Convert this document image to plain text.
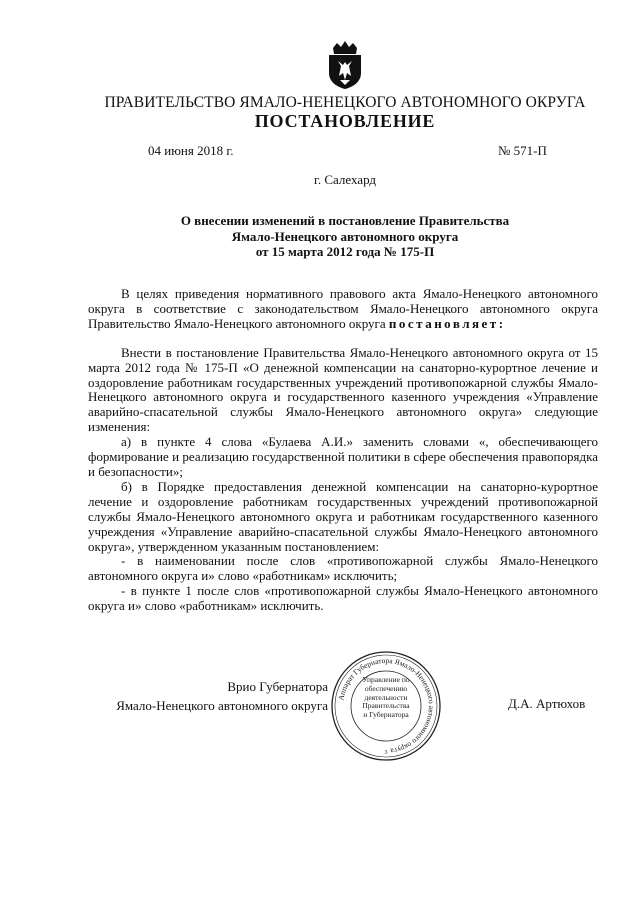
ПРАВИТЕЛЬСТВО ЯМАЛО-НЕНЕЦКОГО АВТОНОМНОГО ОКРУГА
ПОСТАНОВЛЕНИЕ
04 июня 2018 г.	№ 571-П
г. Салехард
О внесении изменений в постановление Правительства
Ямало-Ненецкого автономного округа
от 15 марта 2012 года № 175-П

В целях приведения нормативного правового акта Ямало-Ненецкого автономного округа в соответствие с законодательством Ямало-Ненецкого автономного округа Правительство Ямало-Ненецкого автономного округа постановляет:

Внести в постановление Правительства Ямало-Ненецкого автономного округа от 15 марта 2012 года № 175-П «О денежной компенсации на санаторно-курортное лечение и оздоровление работникам государственных учреждений противопожарной службы Ямало-Ненецкого автономного округа и государственного казенного учреждения «Управление аварийно-спасательной службы Ямало-Ненецкого автономного округа» следующие изменения:

а) в пункте 4 слова «Булаева А.И.» заменить словами «, обеспечивающего формирование и реализацию государственной политики в сфере обеспечения правопорядка и безопасности»;

б) в Порядке предоставления денежной компенсации на санаторно-курортное лечение и оздоровление работникам государственных учреждений противопожарной службы Ямало-Ненецкого автономного округа и работникам государственного казенного учреждения «Управление аварийно-спасательной службы Ямало-Ненецкого автономного округа», утвержденном указанным постановлением:

- в наименовании после слов «противопожарной службы Ямало-Ненецкого автономного округа и» слово «работникам» исключить;

- в пункте 1 после слов «противопожарной службы Ямало-Ненецкого автономного округа и» слово «работникам» исключить.

Врио Губернатора
Ямало-Ненецкого автономного округа	Д.А. Артюхов
Аппарат Губернатора Ямало-Ненецкого автономного округа
3
Управление по
обеспечению
деятельности
Правительства
и Губернатора
